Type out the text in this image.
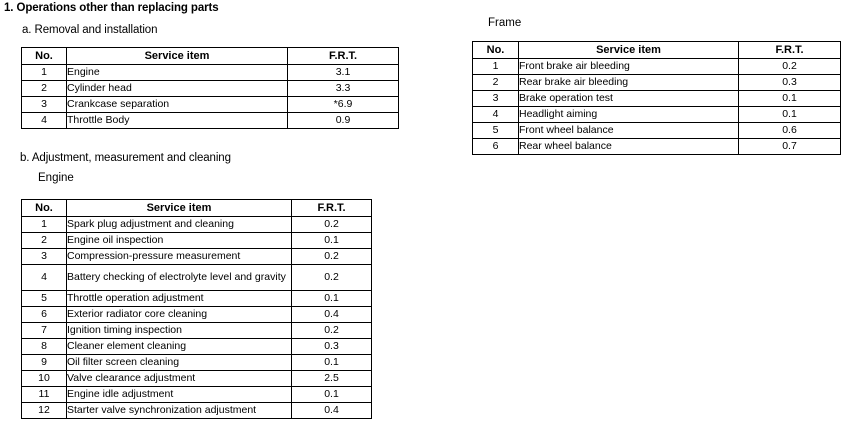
1. Operations other than replacing parts
a. Removal and installation
No.	Service item	F.R.T.
1	Engine	3.1
2	Cylinder head	3.3
3	Crankcase separation	*6.9
4	Throttle Body	0.9
b. Adjustment, measurement and cleaning
Engine
No.	Service item	F.R.T.
1	Spark plug adjustment and cleaning	0.2
2	Engine oil inspection	0.1
3	Compression-pressure measurement	0.2
4	Battery checking of electrolyte level and gravity	0.2
5	Throttle operation adjustment	0.1
6	Exterior radiator core cleaning	0.4
7	Ignition timing inspection	0.2
8	Cleaner element cleaning	0.3
9	Oil filter screen cleaning	0.1
10	Valve clearance adjustment	2.5
11	Engine idle adjustment	0.1
12	Starter valve synchronization adjustment	0.4
Frame
No.	Service item	F.R.T.
1	Front brake air bleeding	0.2
2	Rear brake air bleeding	0.3
3	Brake operation test	0.1
4	Headlight aiming	0.1
5	Front wheel balance	0.6
6	Rear wheel balance	0.7
